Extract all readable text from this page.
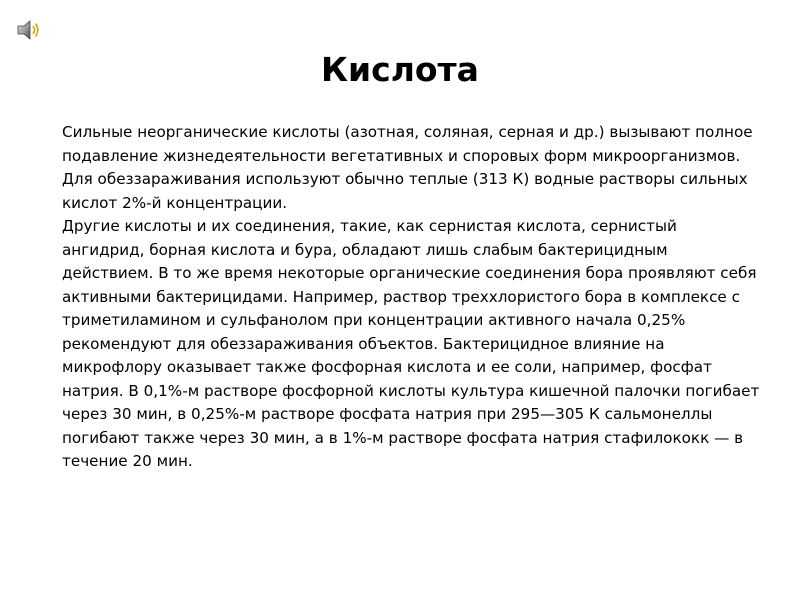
Кислота

Сильные неорганические кислоты (азотная, соляная, серная и др.) вызывают полное подавление жизнедеятельности вегетативных и споровых форм микроорганизмов. Для обеззараживания используют обычно теплые (313 К) водные растворы сильных кислот 2%-й концентрации.

Другие кислоты и их соединения, такие, как сернистая кислота, сернистый ангидрид, борная кислота и бура, обладают лишь слабым бактерицидным действием. В то же время некоторые органические соединения бора проявляют себя активными бактерицидами. Например, раствор треххлористого бора в комплексе с триметиламином и сульфанолом при концентрации активного начала 0,25% рекомендуют для обеззараживания объектов. Бактерицидное влияние на микрофлору оказывает также фосфорная кислота и ее соли, например, фосфат натрия. В 0,1%-м растворе фосфорной кислоты культура кишечной палочки погибает через 30 мин, в 0,25%-м растворе фосфата натрия при 295—305 К сальмонеллы погибают также через 30 мин, а в 1%-м растворе фосфата натрия стафилококк — в течение 20 мин.
